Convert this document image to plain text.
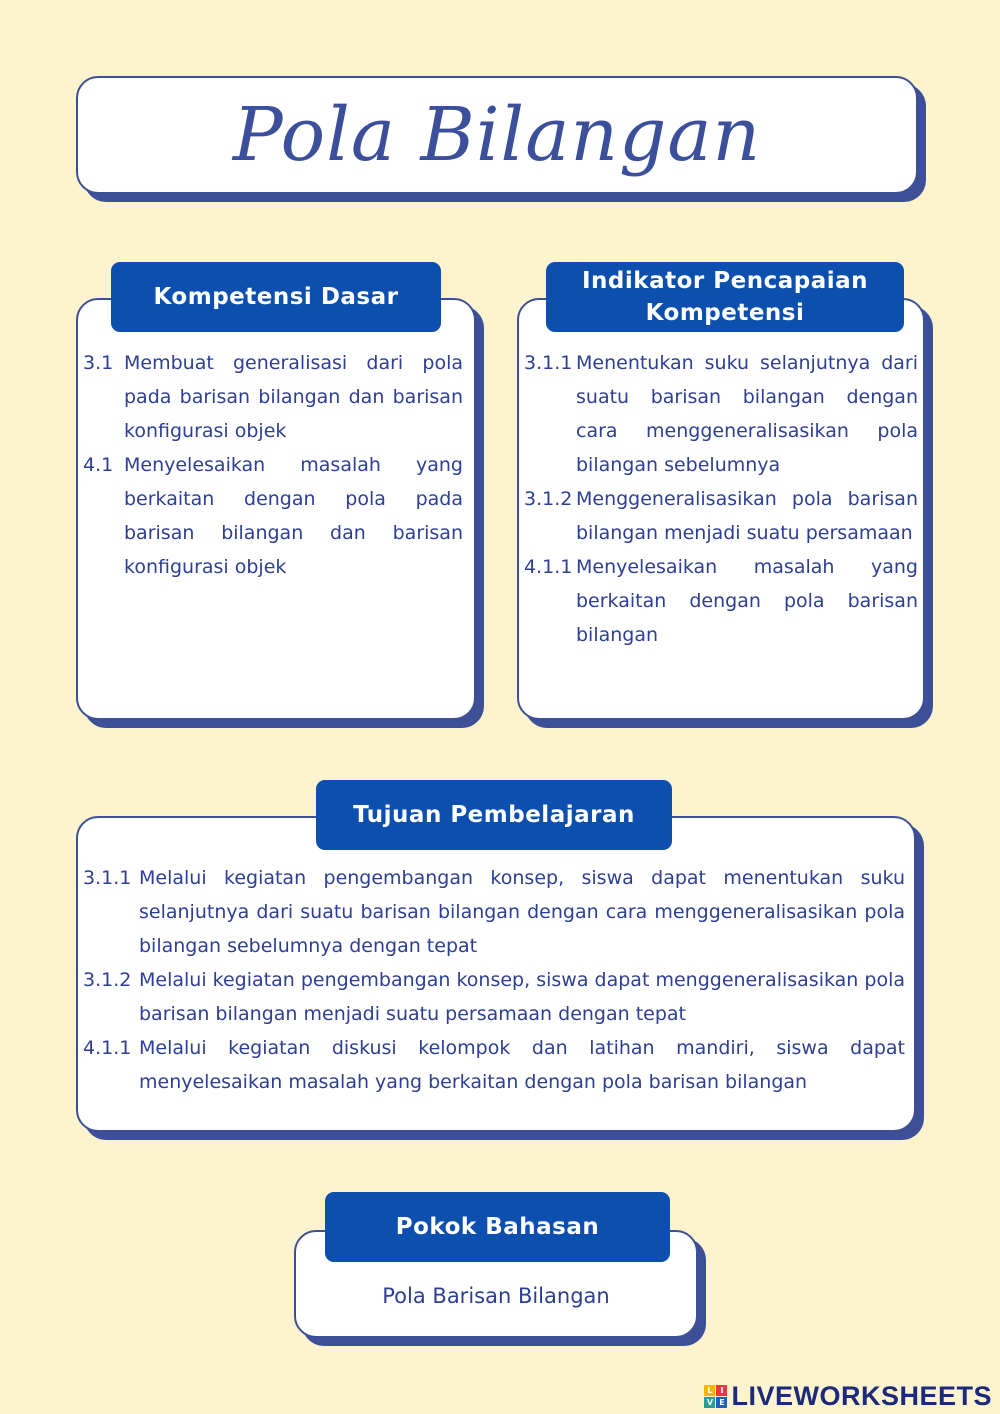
Pola Bilangan
Kompetensi Dasar
3.1 Membuat generalisasi dari pola pada barisan bilangan dan barisan konfigurasi objek
4.1 Menyelesaikan masalah yang berkaitan dengan pola pada barisan bilangan dan barisan konfigurasi objek
Indikator Pencapaian
Kompetensi
3.1.1 Menentukan suku selanjutnya dari suatu barisan bilangan dengan cara menggeneralisasikan pola bilangan sebelumnya
3.1.2 Menggeneralisasikan pola barisan bilangan menjadi suatu persamaan
4.1.1 Menyelesaikan masalah yang berkaitan dengan pola barisan bilangan
Tujuan Pembelajaran
3.1.1 Melalui kegiatan pengembangan konsep, siswa dapat menentukan suku selanjutnya dari suatu barisan bilangan dengan cara menggeneralisasikan pola bilangan sebelumnya dengan tepat
3.1.2 Melalui kegiatan pengembangan konsep, siswa dapat menggeneralisasikan pola barisan bilangan menjadi suatu persamaan dengan tepat
4.1.1 Melalui kegiatan diskusi kelompok dan latihan mandiri, siswa dapat menyelesaikan masalah yang berkaitan dengan pola barisan bilangan
Pola Barisan Bilangan
Pokok Bahasan
L I
V E LIVEWORKSHEETS
